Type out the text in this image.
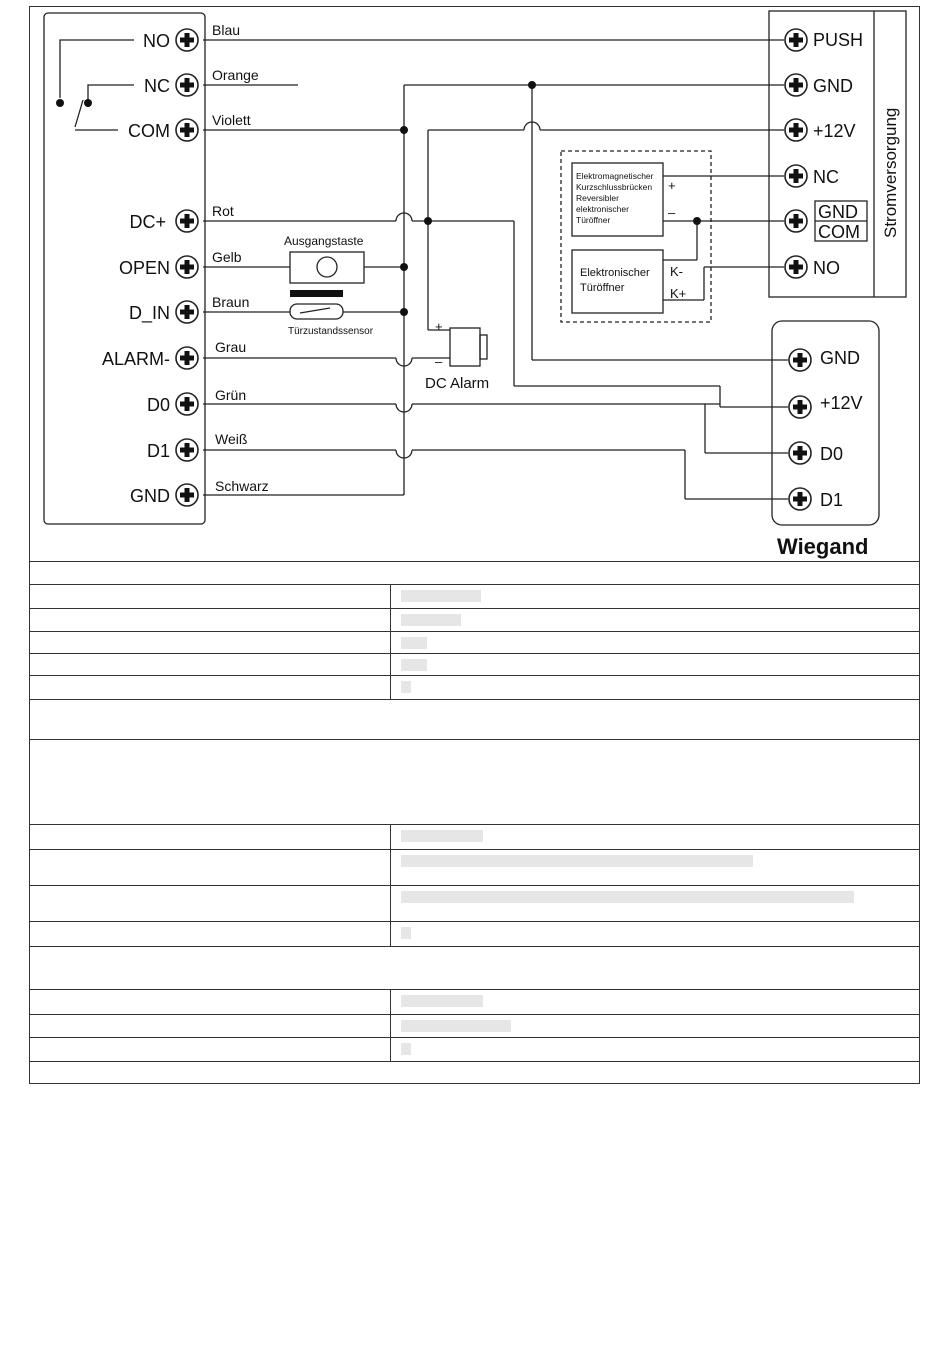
NO
NC
COM
DC+
OPEN
D_IN
ALARM-
D0
D1
GND
Blau
Orange
Violett
Rot
Gelb
Braun
Grau
Grün
Weiß
Schwarz
PUSH
GND
+12V
NC
GND
COM
NO
Stromversorgung
GND
+12V
D0
D1
Wiegand
Ausgangstaste
Türzustandssensor
DC Alarm
+
–
Elektromagnetischer
Kurzschlussbrücken
Reversibler
elektronischer
Türöffner
+
–
Elektronischer
Türöffner
K-
K+
